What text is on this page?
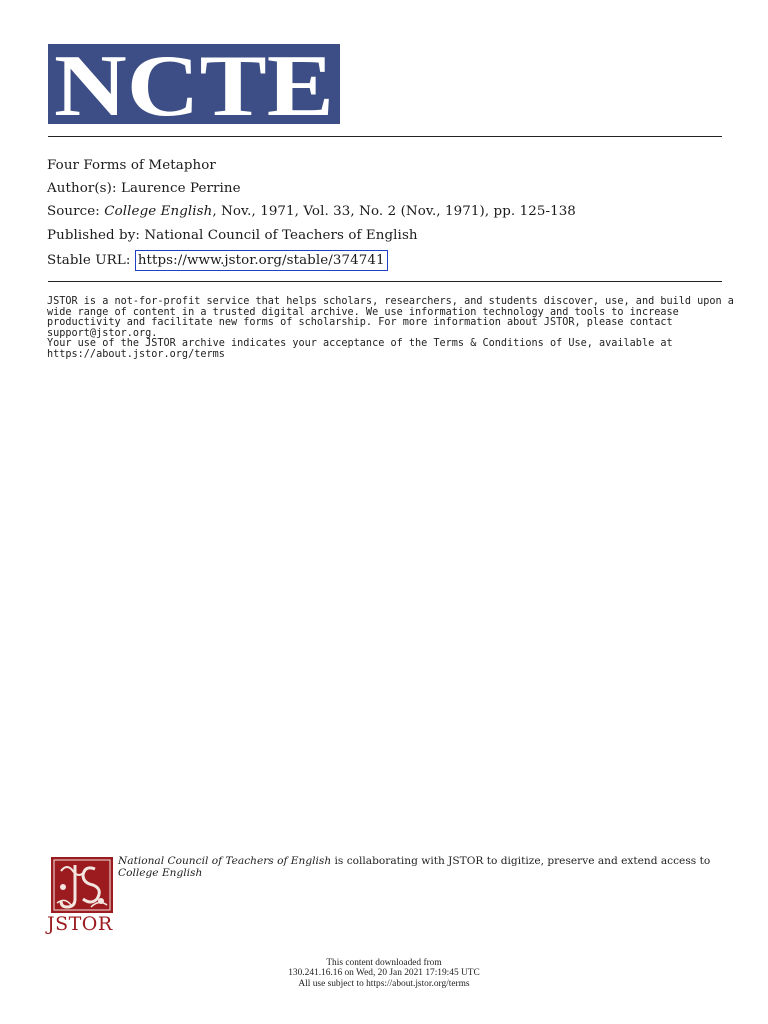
NCTE
Four Forms of Metaphor
Author(s): Laurence Perrine
Source: College English, Nov., 1971, Vol. 33, No. 2 (Nov., 1971), pp. 125-138
Published by: National Council of Teachers of English
Stable URL: https://www.jstor.org/stable/374741

JSTOR is a not-for-profit service that helps scholars, researchers, and students discover, use, and build upon a wide range of content in a trusted digital archive. We use information technology and tools to increase productivity and facilitate new forms of scholarship. For more information about JSTOR, please contact support@jstor.org.

Your use of the JSTOR archive indicates your acceptance of the Terms & Conditions of Use, available at https://about.jstor.org/terms

JSTOR
National Council of Teachers of English is collaborating with JSTOR to digitize, preserve and extend access to College English
This content downloaded from
130.241.16.16 on Wed, 20 Jan 2021 17:19:45 UTC
All use subject to https://about.jstor.org/terms
